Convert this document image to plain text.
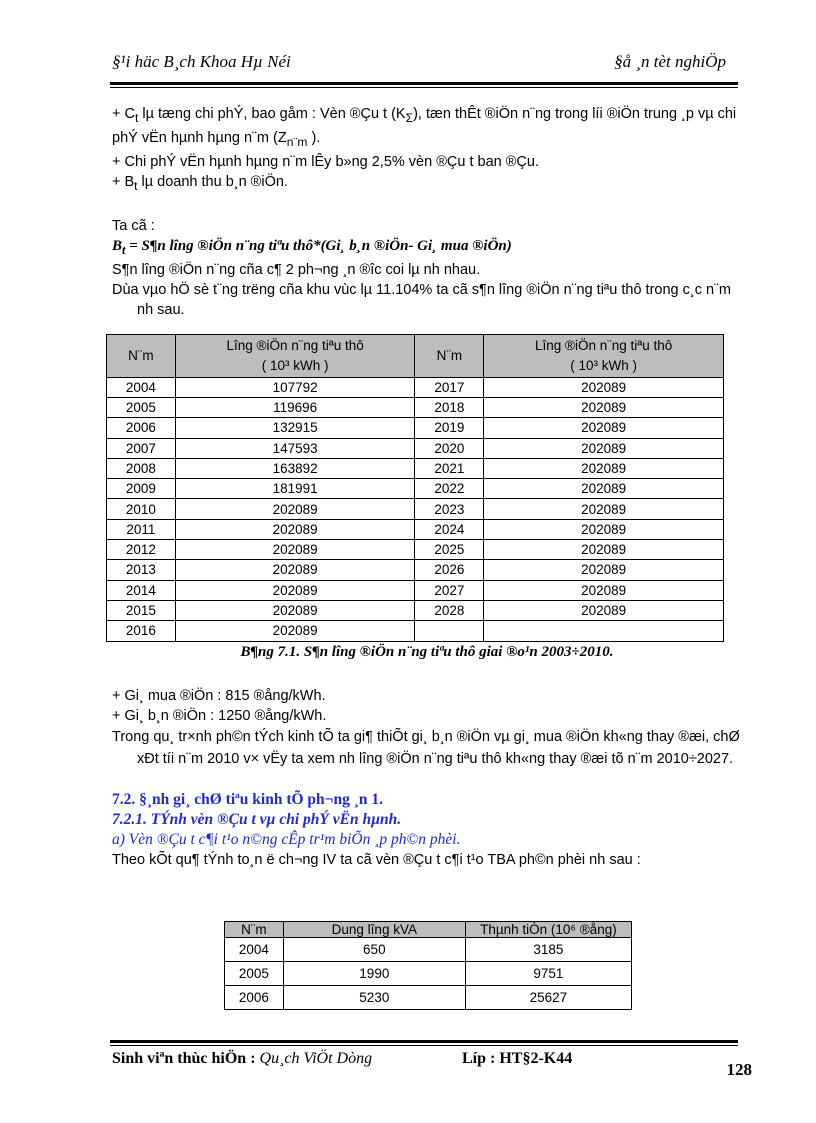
§¹i häc B¸ch Khoa Hµ Néi	§å ¸n tèt nghiÖp

+ $C_t$ lµ tæng chi phÝ, bao gåm : Vèn ®Çu t $(K_\Sigma)$, tæn thÊt ®iÖn n¨ng trong líi ®iÖn trung ¸p vµ chi phÝ vËn hµnh hµng n¨m ($Z_{n¨m}$ ).

+ Chi phÝ vËn hµnh hµng n¨m lÊy b»ng 2,5% vèn ®Çu t ban ®Çu.

+ $B_t$ lµ doanh thu b¸n ®iÖn.

Ta cã :

$B_t$ = S¶n lîng ®iÖn n¨ng tiªu thô*(Gi¸ b¸n ®iÖn- Gi¸ mua ®iÖn)

S¶n lîng ®iÖn n¨ng cña c¶ 2 ph¬ng ¸n ®îc coi lµ nh nhau.

Dùa vµo hÖ sè t¨ng trëng cña khu vùc lµ 11.104% ta cã s¶n lîng ®iÖn n¨ng tiªu thô trong c¸c n¨m nh sau.

N¨m	Lîng ®iÖn n¨ng tiªu thô
( 10³ kWh )	N¨m	Lîng ®iÖn n¨ng tiªu thô
( 10³ kWh )
2004	107792	2017	202089
2005	119696	2018	202089
2006	132915	2019	202089
2007	147593	2020	202089
2008	163892	2021	202089
2009	181991	2022	202089
2010	202089	2023	202089
2011	202089	2024	202089
2012	202089	2025	202089
2013	202089	2026	202089
2014	202089	2027	202089
2015	202089	2028	202089
2016	202089		

B¶ng 7.1. S¶n lîng ®iÖn n¨ng tiªu thô giai ®o¹n 2003÷2010.

+ Gi¸ mua ®iÖn : 815 ®ång/kWh.

+ Gi¸ b¸n ®iÖn : 1250 ®ång/kWh.

Trong qu¸ tr×nh ph©n tÝch kinh tÕ ta gi¶ thiÕt gi¸ b¸n ®iÖn vµ gi¸ mua ®iÖn kh«ng thay ®æi, chØ xÐt tíi n¨m 2010 v× vËy ta xem nh lîng ®iÖn n¨ng tiªu thô kh«ng thay ®æi tõ n¨m 2010÷2027.

7.2. §¸nh gi¸ chØ tiªu kinh tÕ ph¬ng ¸n 1.

7.2.1. TÝnh vèn ®Çu t vµ chi phÝ vËn hµnh.

a) Vèn ®Çu t c¶i t¹o n©ng cÊp tr¹m biÕn ¸p ph©n phèi.

Theo kÕt qu¶ tÝnh to¸n ë ch¬ng IV ta cã vèn ®Çu t c¶i t¹o TBA ph©n phèi nh sau :

N¨m	Dung lîng kVA	Thµnh tiÒn (10⁶ ®ång)
2004	650	3185
2005	1990	9751
2006	5230	25627
Sinh viªn thùc hiÖn : Qu¸ch ViÖt Dòng	Líp : HT§2-K44
128
